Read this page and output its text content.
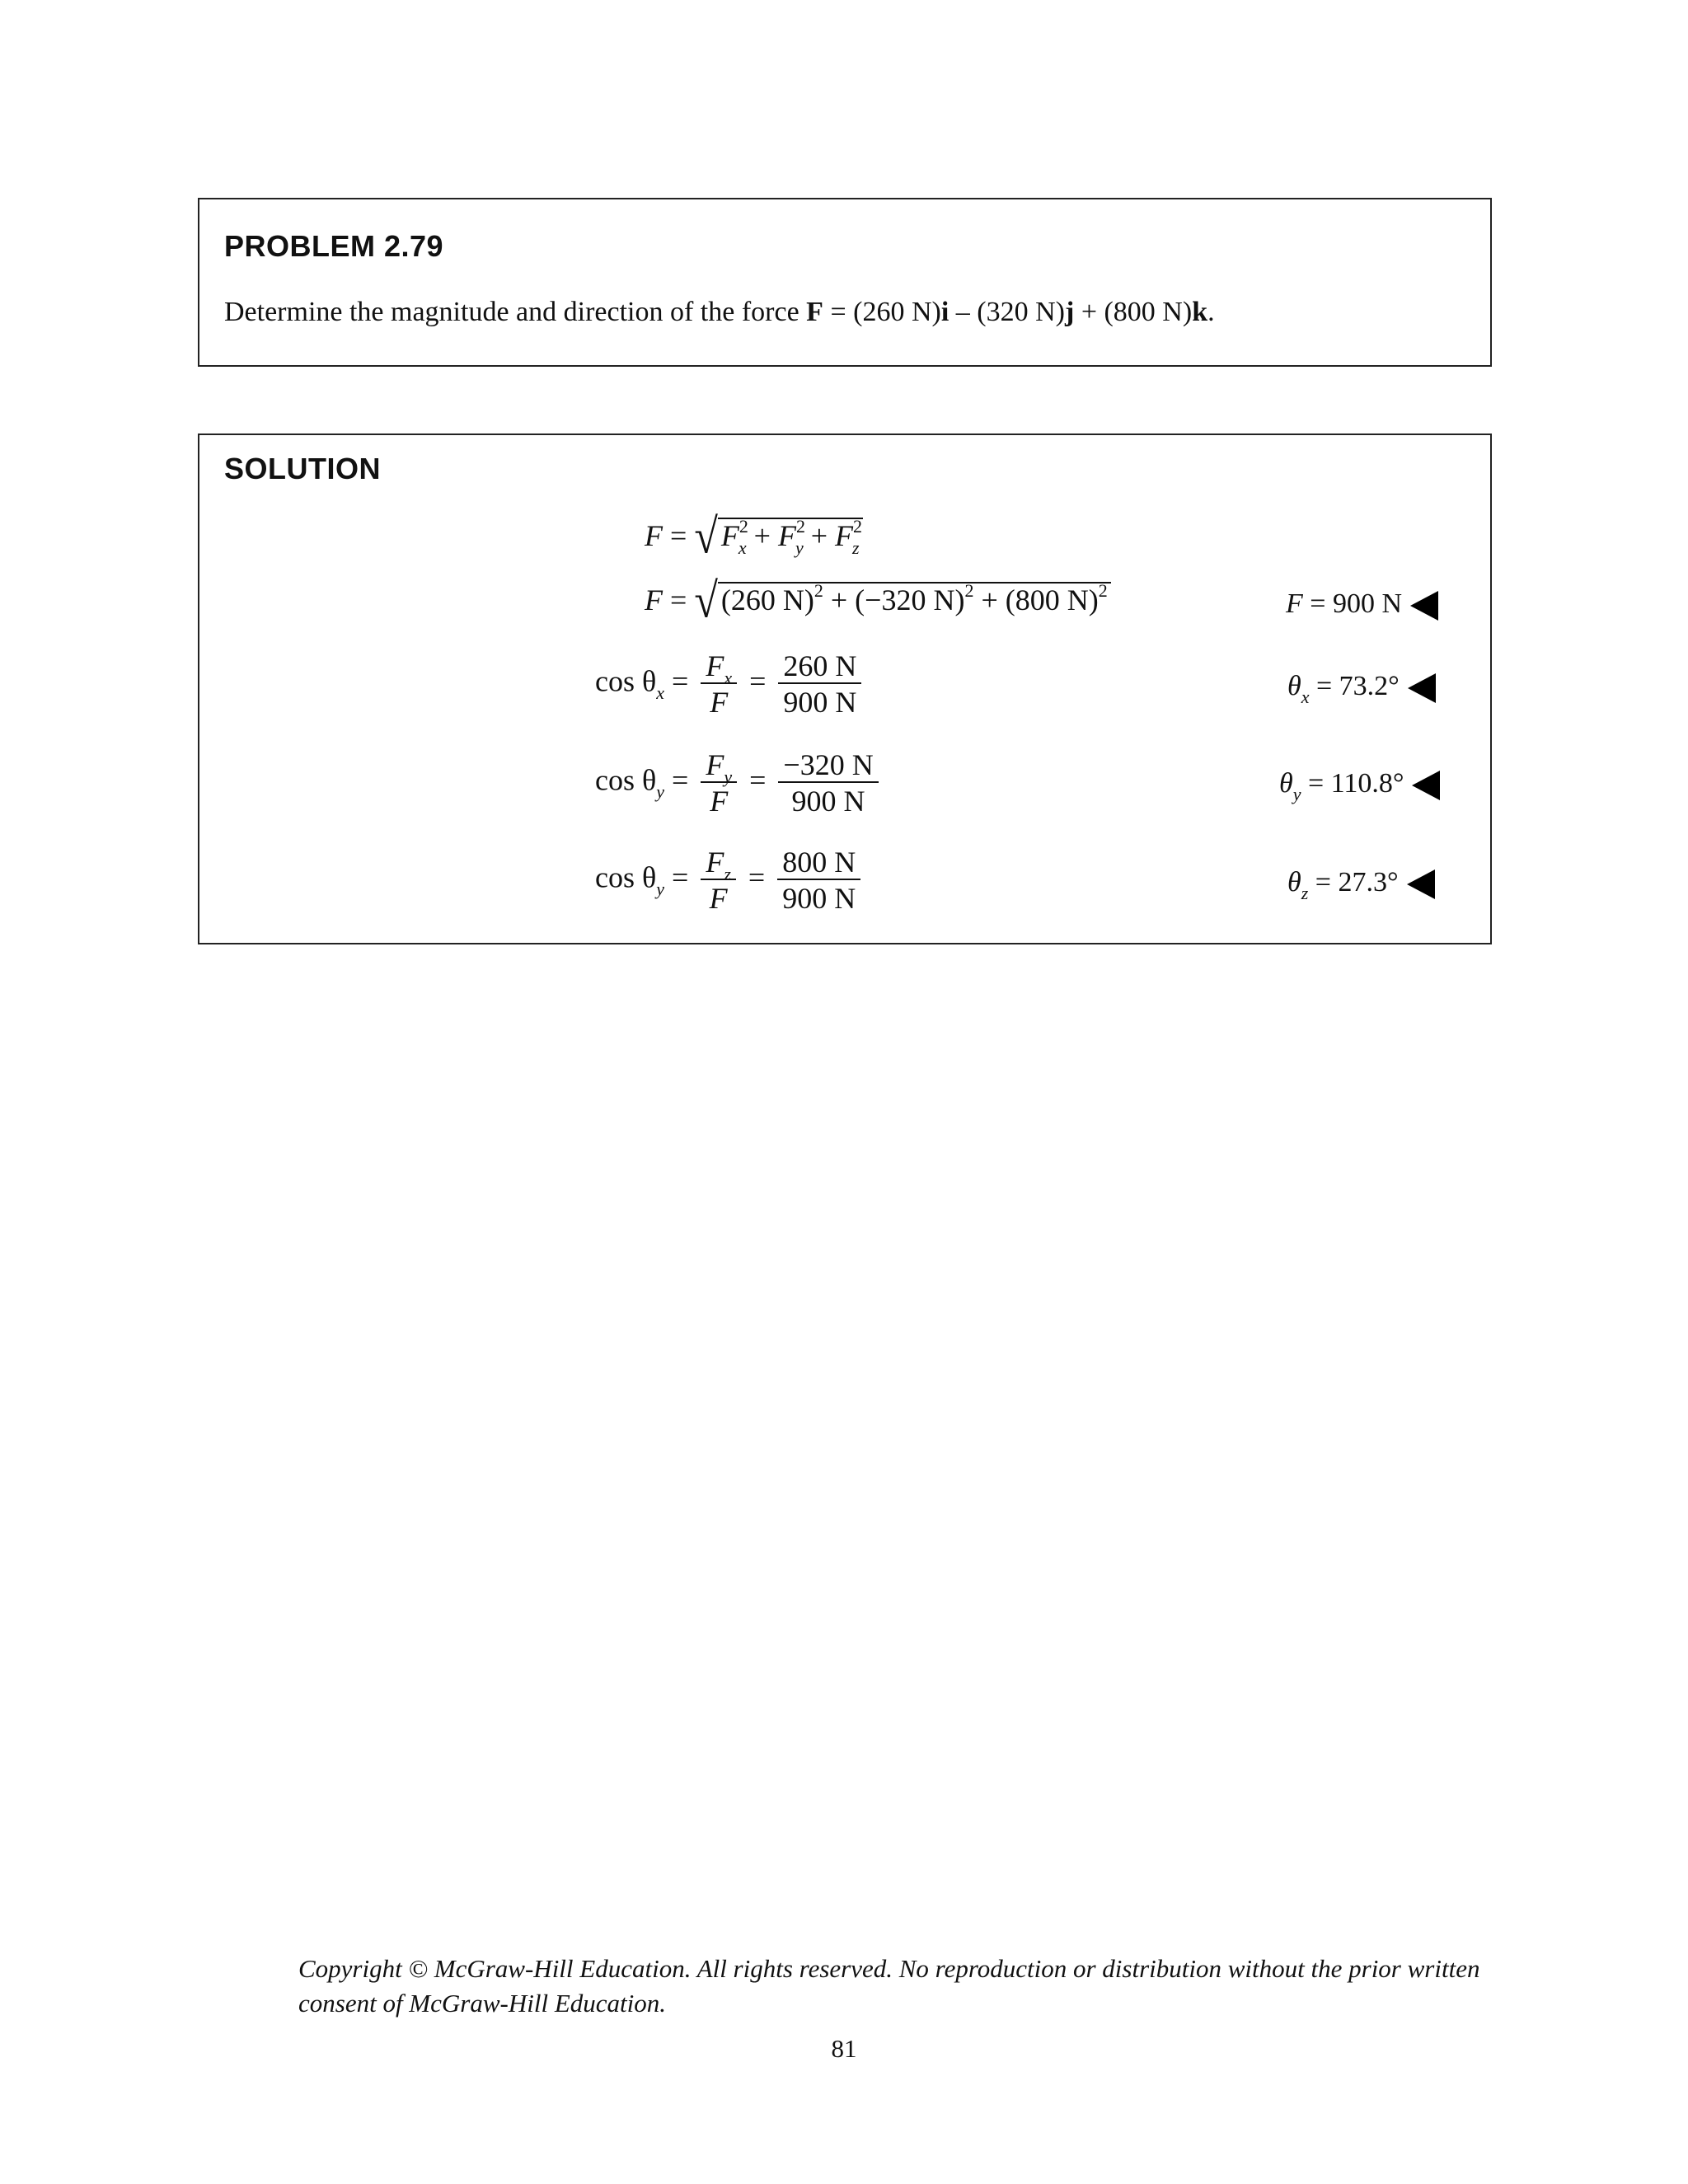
PROBLEM 2.79
Determine the magnitude and direction of the force F = (260 N)i – (320 N)j + (800 N)k.
SOLUTION
F = √ $F^2_x + F^2_y + F^2_z$
F = √ (260 N)$^2$ + (−320 N)$^2$ + (800 N)$^2$
$\cos \theta_x = \frac{F_x}{F} = \frac{260 N}{900 N}$
$\cos \theta_y = \frac{F_y}{F} = \frac{-320 N}{900 N}$
$\cos \theta_y = \frac{F_z}{F} = \frac{800 N}{900 N}$
F = 900 N
$\theta_x = 73.2^\circ$
$\theta_y = 110.8^\circ$
$\theta_z = 27.3^\circ$
Copyright © McGraw-Hill Education. All rights reserved. No reproduction or distribution without the prior written consent of McGraw-Hill Education.
81
